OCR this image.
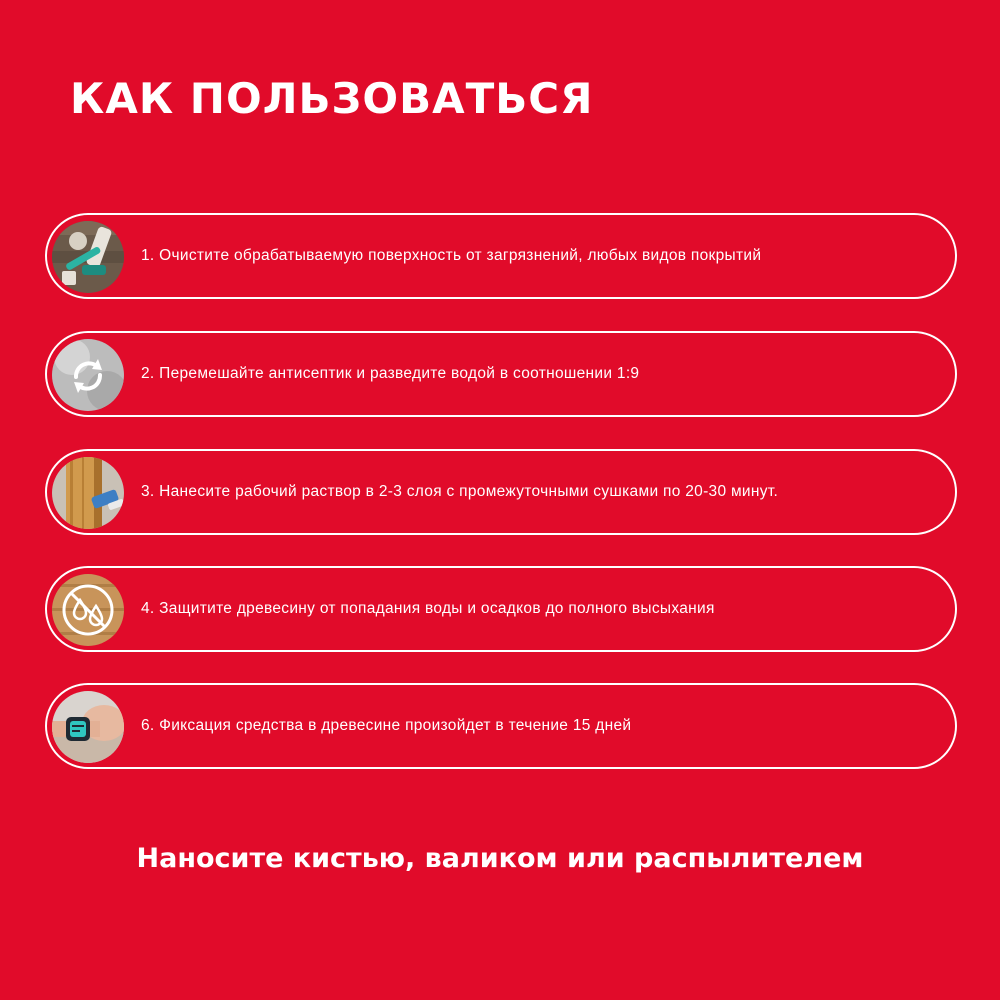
КАК ПОЛЬЗОВАТЬСЯ
1. Очистите обрабатываемую поверхность от загрязнений, любых видов покрытий
2. Перемешайте антисептик и разведите водой в соотношении 1:9
3. Нанесите рабочий раствор в 2-3 слоя с промежуточными сушками по 20-30 минут.
4. Защитите древесину от попадания воды и осадков до полного высыхания
6. Фиксация средства в древесине произойдет в течение 15 дней
Наносите кистью, валиком или распылителем
